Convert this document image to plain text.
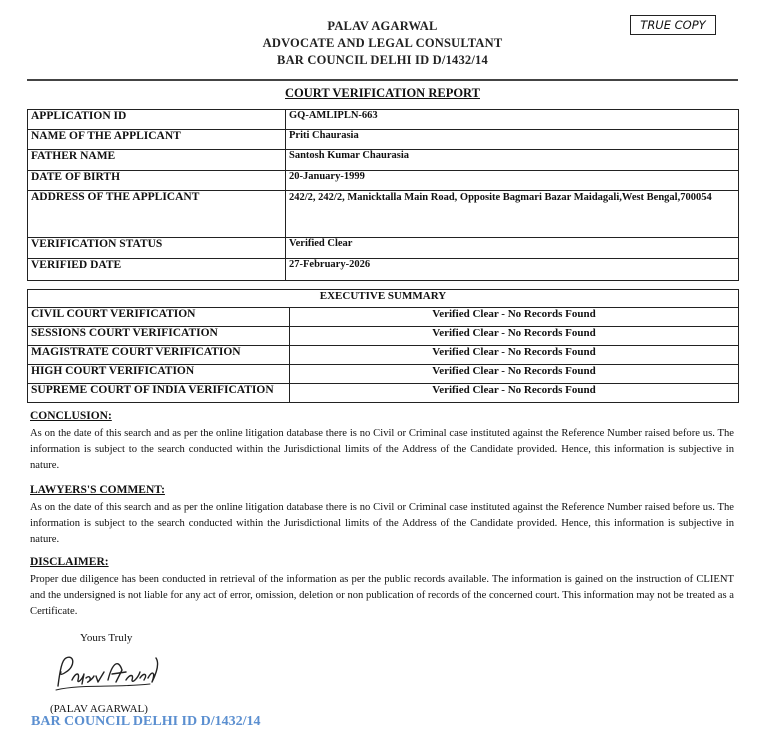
PALAV AGARWAL
ADVOCATE AND LEGAL CONSULTANT
BAR COUNCIL DELHI ID D/1432/14
TRUE COPY
COURT VERIFICATION REPORT
APPLICATION ID	GQ-AMLIPLN-663
NAME OF THE APPLICANT	Priti Chaurasia
FATHER NAME	Santosh Kumar Chaurasia
DATE OF BIRTH	20-January-1999
ADDRESS OF THE APPLICANT	242/2, 242/2, Manicktalla Main Road, Opposite Bagmari Bazar Maidagali,West Bengal,700054
VERIFICATION STATUS	Verified Clear
VERIFIED DATE	27-February-2026
EXECUTIVE SUMMARY	
CIVIL COURT VERIFICATION	Verified Clear - No Records Found
SESSIONS COURT VERIFICATION	Verified Clear - No Records Found
MAGISTRATE COURT VERIFICATION	Verified Clear - No Records Found
HIGH COURT VERIFICATION	Verified Clear - No Records Found
SUPREME COURT OF INDIA VERIFICATION	Verified Clear - No Records Found
CONCLUSION:
As on the date of this search and as per the online litigation database there is no Civil or Criminal case instituted against the Reference Number raised before us. The information is subject to the search conducted within the Jurisdictional limits of the Address of the Candidate provided. Hence, this information is subjective in nature.
LAWYERS'S COMMENT:
As on the date of this search and as per the online litigation database there is no Civil or Criminal case instituted against the Reference Number raised before us. The information is subject to the search conducted within the Jurisdictional limits of the Address of the Candidate provided. Hence, this information is subjective in nature.
DISCLAIMER:
Proper due diligence has been conducted in retrieval of the information as per the public records available. The information is gained on the instruction of CLIENT and the undersigned is not liable for any act of error, omission, deletion or non publication of records of the concerned court. This information may not be treated as a Certificate.
Yours Truly
(PALAV AGARWAL)
BAR COUNCIL DELHI ID D/1432/14
